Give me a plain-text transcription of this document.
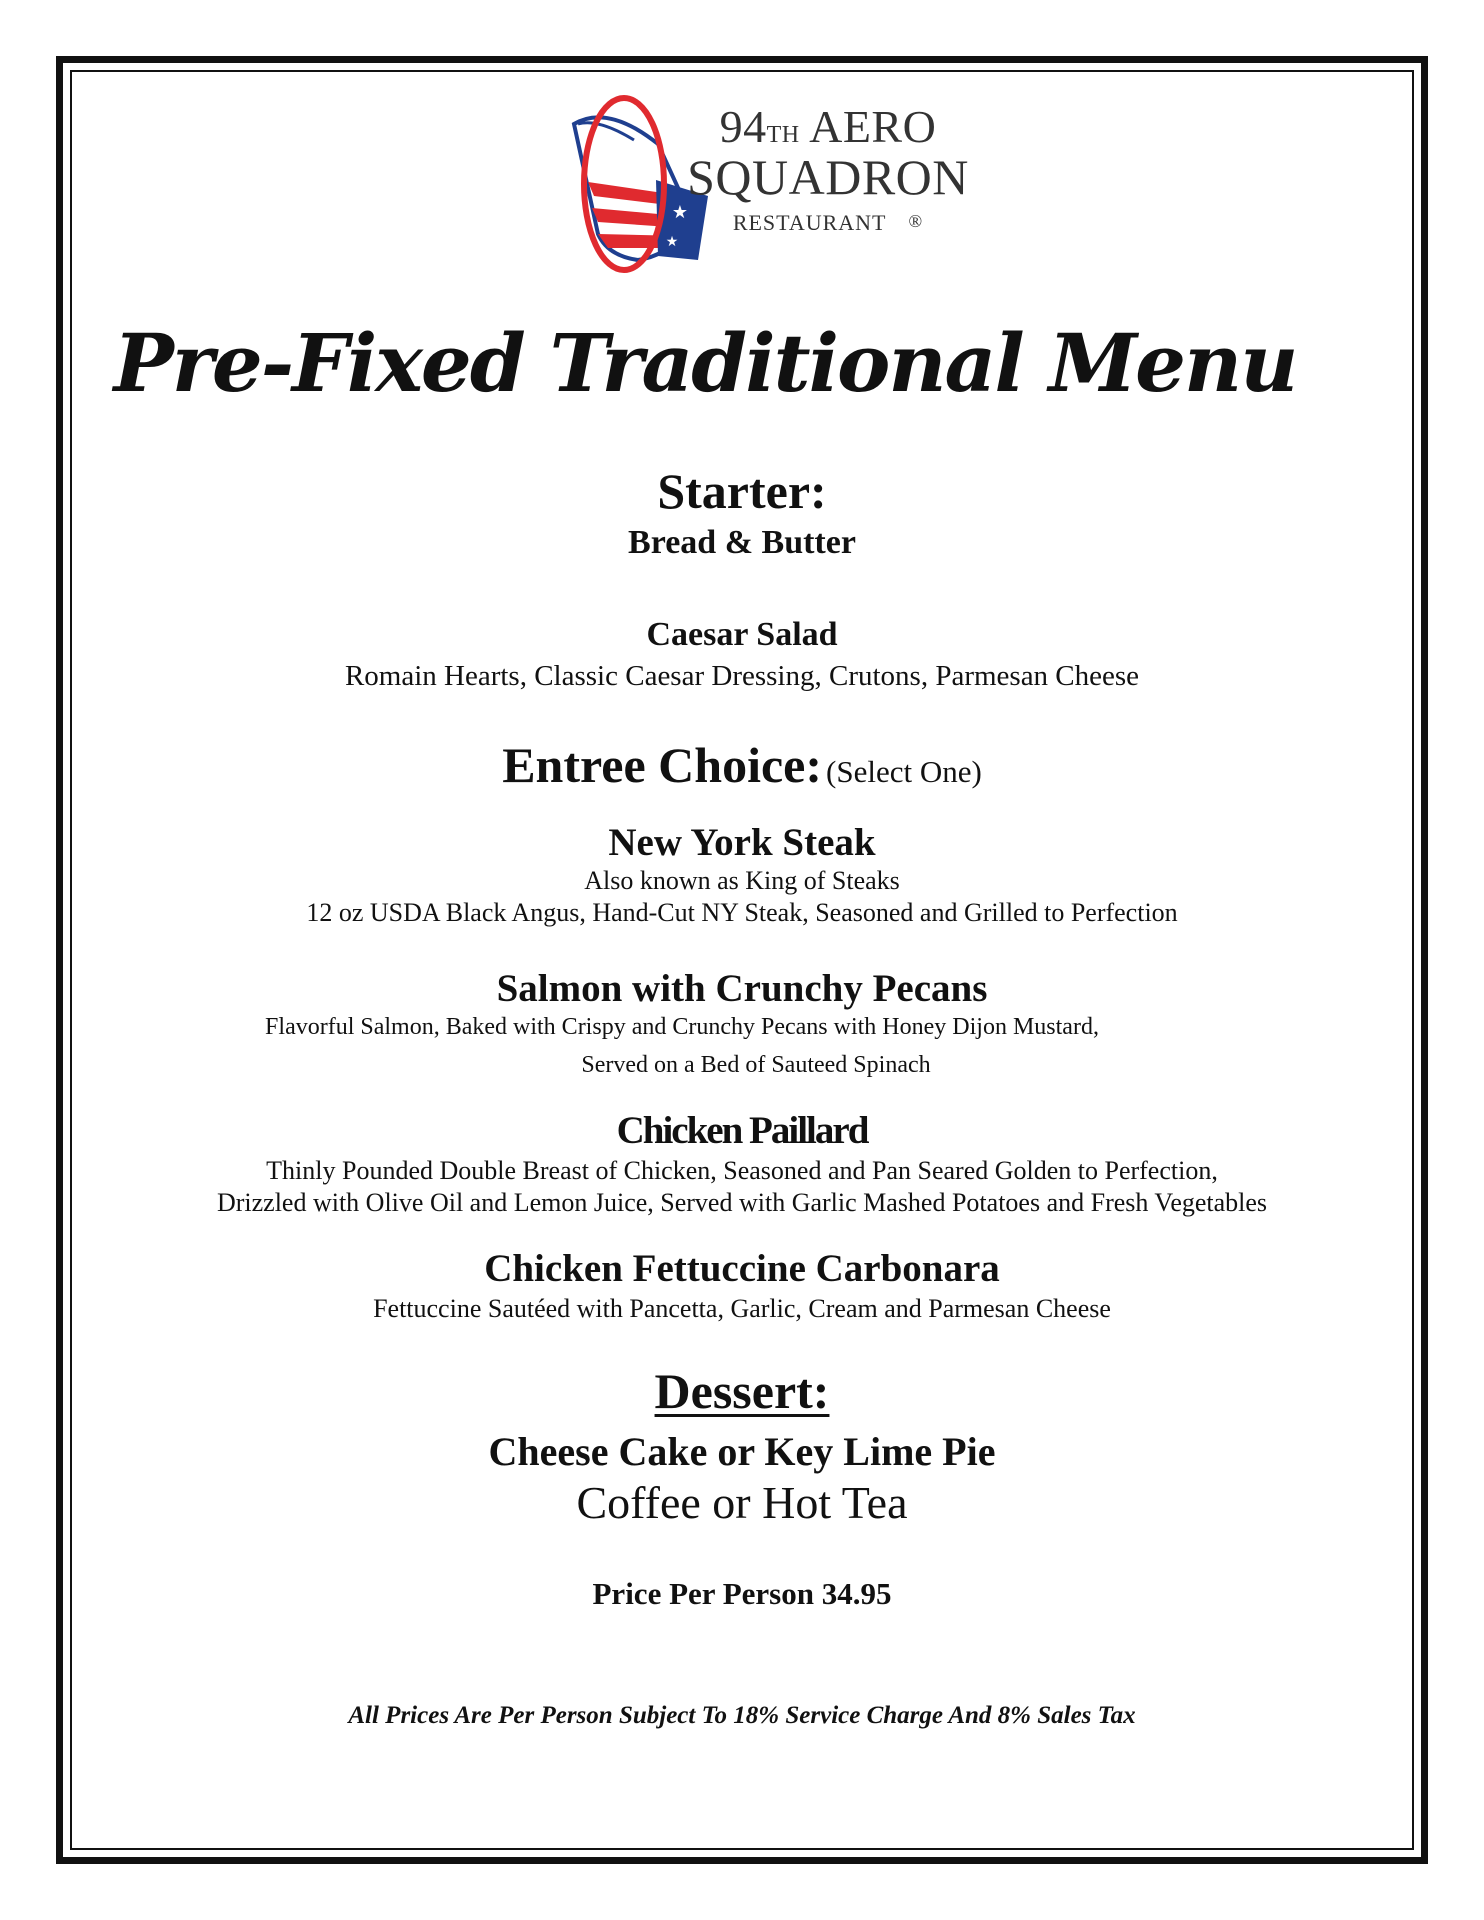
★
★
94TH AERO
SQUADRON
RESTAURANT ®
Pre-Fixed Traditional Menu
Starter:
Bread & Butter
Caesar Salad
Romain Hearts, Classic Caesar Dressing, Crutons, Parmesan Cheese
Entree Choice: (Select One)
New York Steak
Also known as King of Steaks
12 oz USDA Black Angus, Hand-Cut NY Steak, Seasoned and Grilled to Perfection
Salmon with Crunchy Pecans
Flavorful Salmon, Baked with Crispy and Crunchy Pecans with Honey Dijon Mustard,
Served on a Bed of Sauteed Spinach
Chicken Paillard
Thinly Pounded Double Breast of Chicken, Seasoned and Pan Seared Golden to Perfection,
Drizzled with Olive Oil and Lemon Juice, Served with Garlic Mashed Potatoes and Fresh Vegetables
Chicken Fettuccine Carbonara
Fettuccine Sautéed with Pancetta, Garlic, Cream and Parmesan Cheese
Dessert:
Cheese Cake or Key Lime Pie
Coffee or Hot Tea
Price Per Person 34.95
All Prices Are Per Person Subject To 18% Service Charge And 8% Sales Tax
